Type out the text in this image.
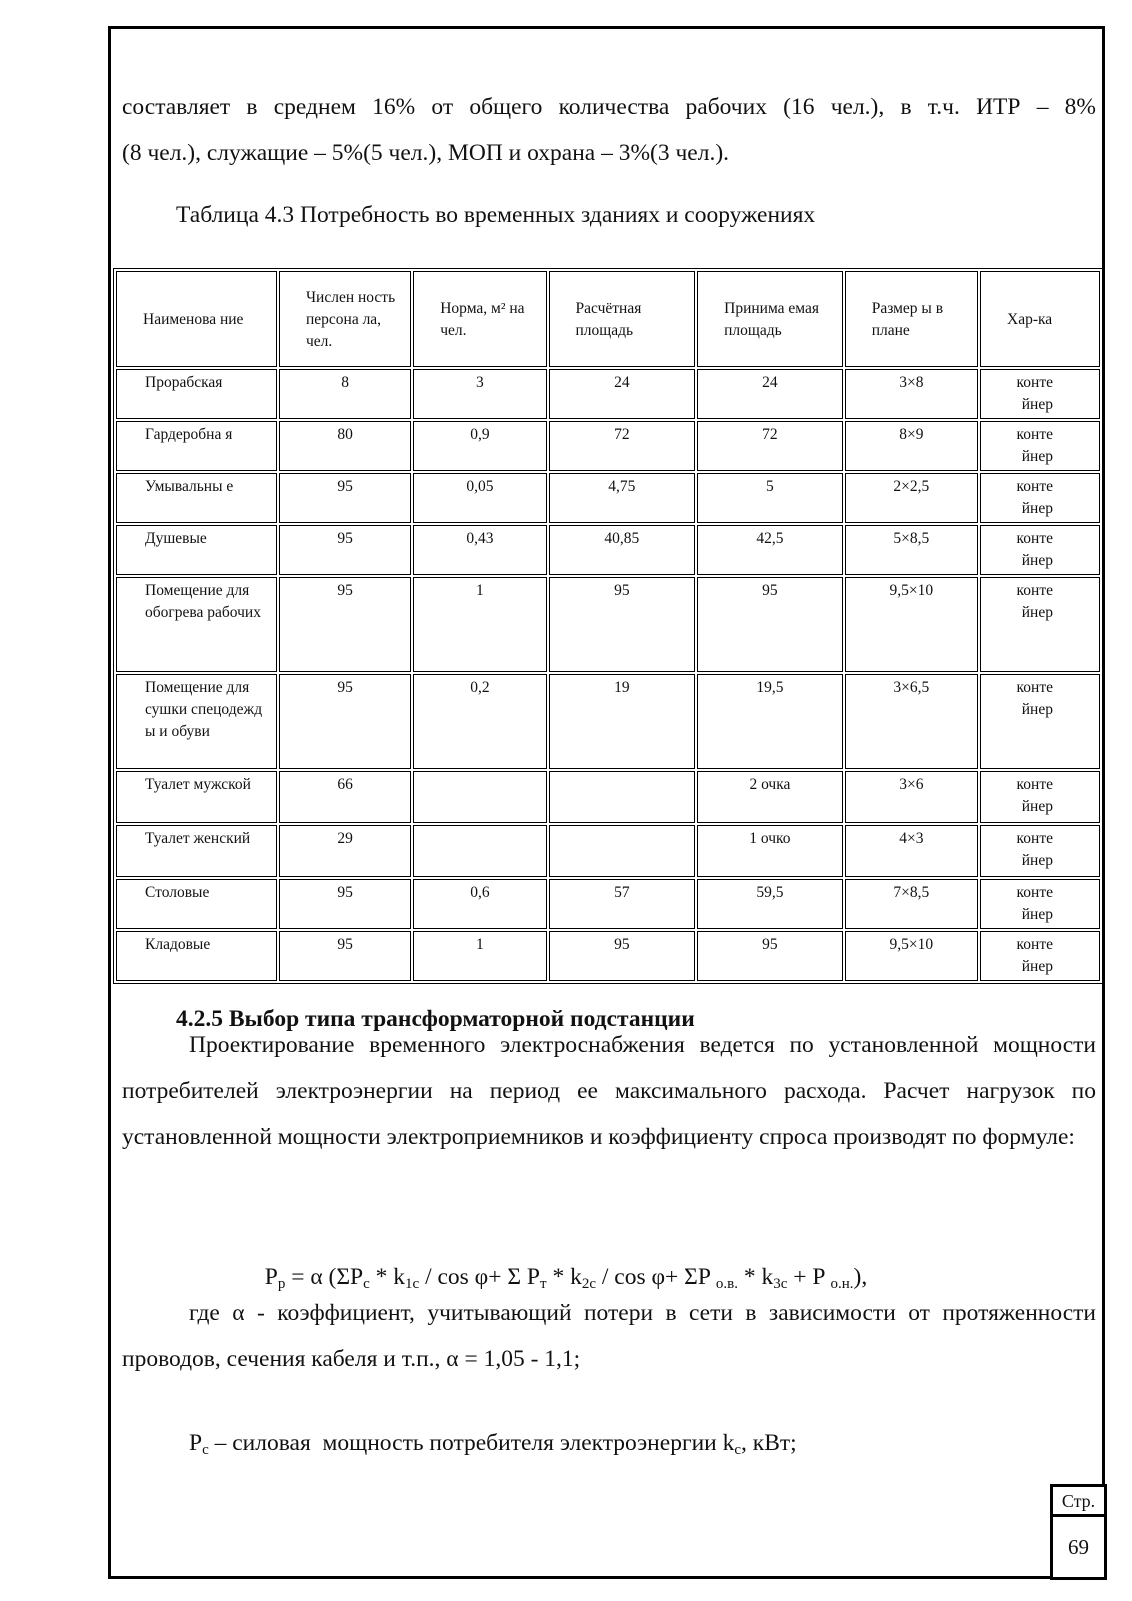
составляет в среднем 16% от общего количества рабочих (16 чел.), в т.ч. ИТР – 8%

(8 чел.), служащие – 5%(5 чел.), МОП и охрана – 3%(3 чел.).

Таблица 4.3 Потребность во временных зданиях и сооружениях
Наименова ние	Числен ность персона ла, чел.	Норма, м² на чел.	Расчётная площадь	Принима емая площадь	Размер ы в плане	Хар-ка
Прорабская	8	3	24	24	3×8	конте йнер
Гардеробна я	80	0,9	72	72	8×9	конте йнер
Умывальны е	95	0,05	4,75	5	2×2,5	конте йнер
Душевые	95	0,43	40,85	42,5	5×8,5	конте йнер
Помещение для обогрева рабочих	95	1	95	95	9,5×10	конте йнер
Помещение для сушки спецодежд ы и обуви	95	0,2	19	19,5	3×6,5	конте йнер
Туалет мужской	66			2 очка	3×6	конте йнер
Туалет женский	29			1 очко	4×3	конте йнер
Столовые	95	0,6	57	59,5	7×8,5	конте йнер
Кладовые	95	1	95	95	9,5×10	конте йнер
4.2.5 Выбор типа трансформаторной подстанции

Проектирование временного электроснабжения ведется по установленной мощности потребителей электроэнергии на период ее максимального расхода. Расчет нагрузок по установленной мощности электроприемников и коэффициенту спроса производят по формуле:

$P_р = \alpha$ ($\Sigma P_с * k_{1с} / \cos \varphi+ \Sigma$ $P_т * k_{2с} / \cos \varphi+ \Sigma P$ $_{о.в.} * k_{3с} + P$ $_{о.н.}$),

где α - коэффициент, учитывающий потери в сети в зависимости от протяженности проводов, сечения кабеля и т.п., α = 1,05 - 1,1;

$P_с$ – силовая  мощность потребителя электроэнергии $k_с$, кВт;

Стр.
69
